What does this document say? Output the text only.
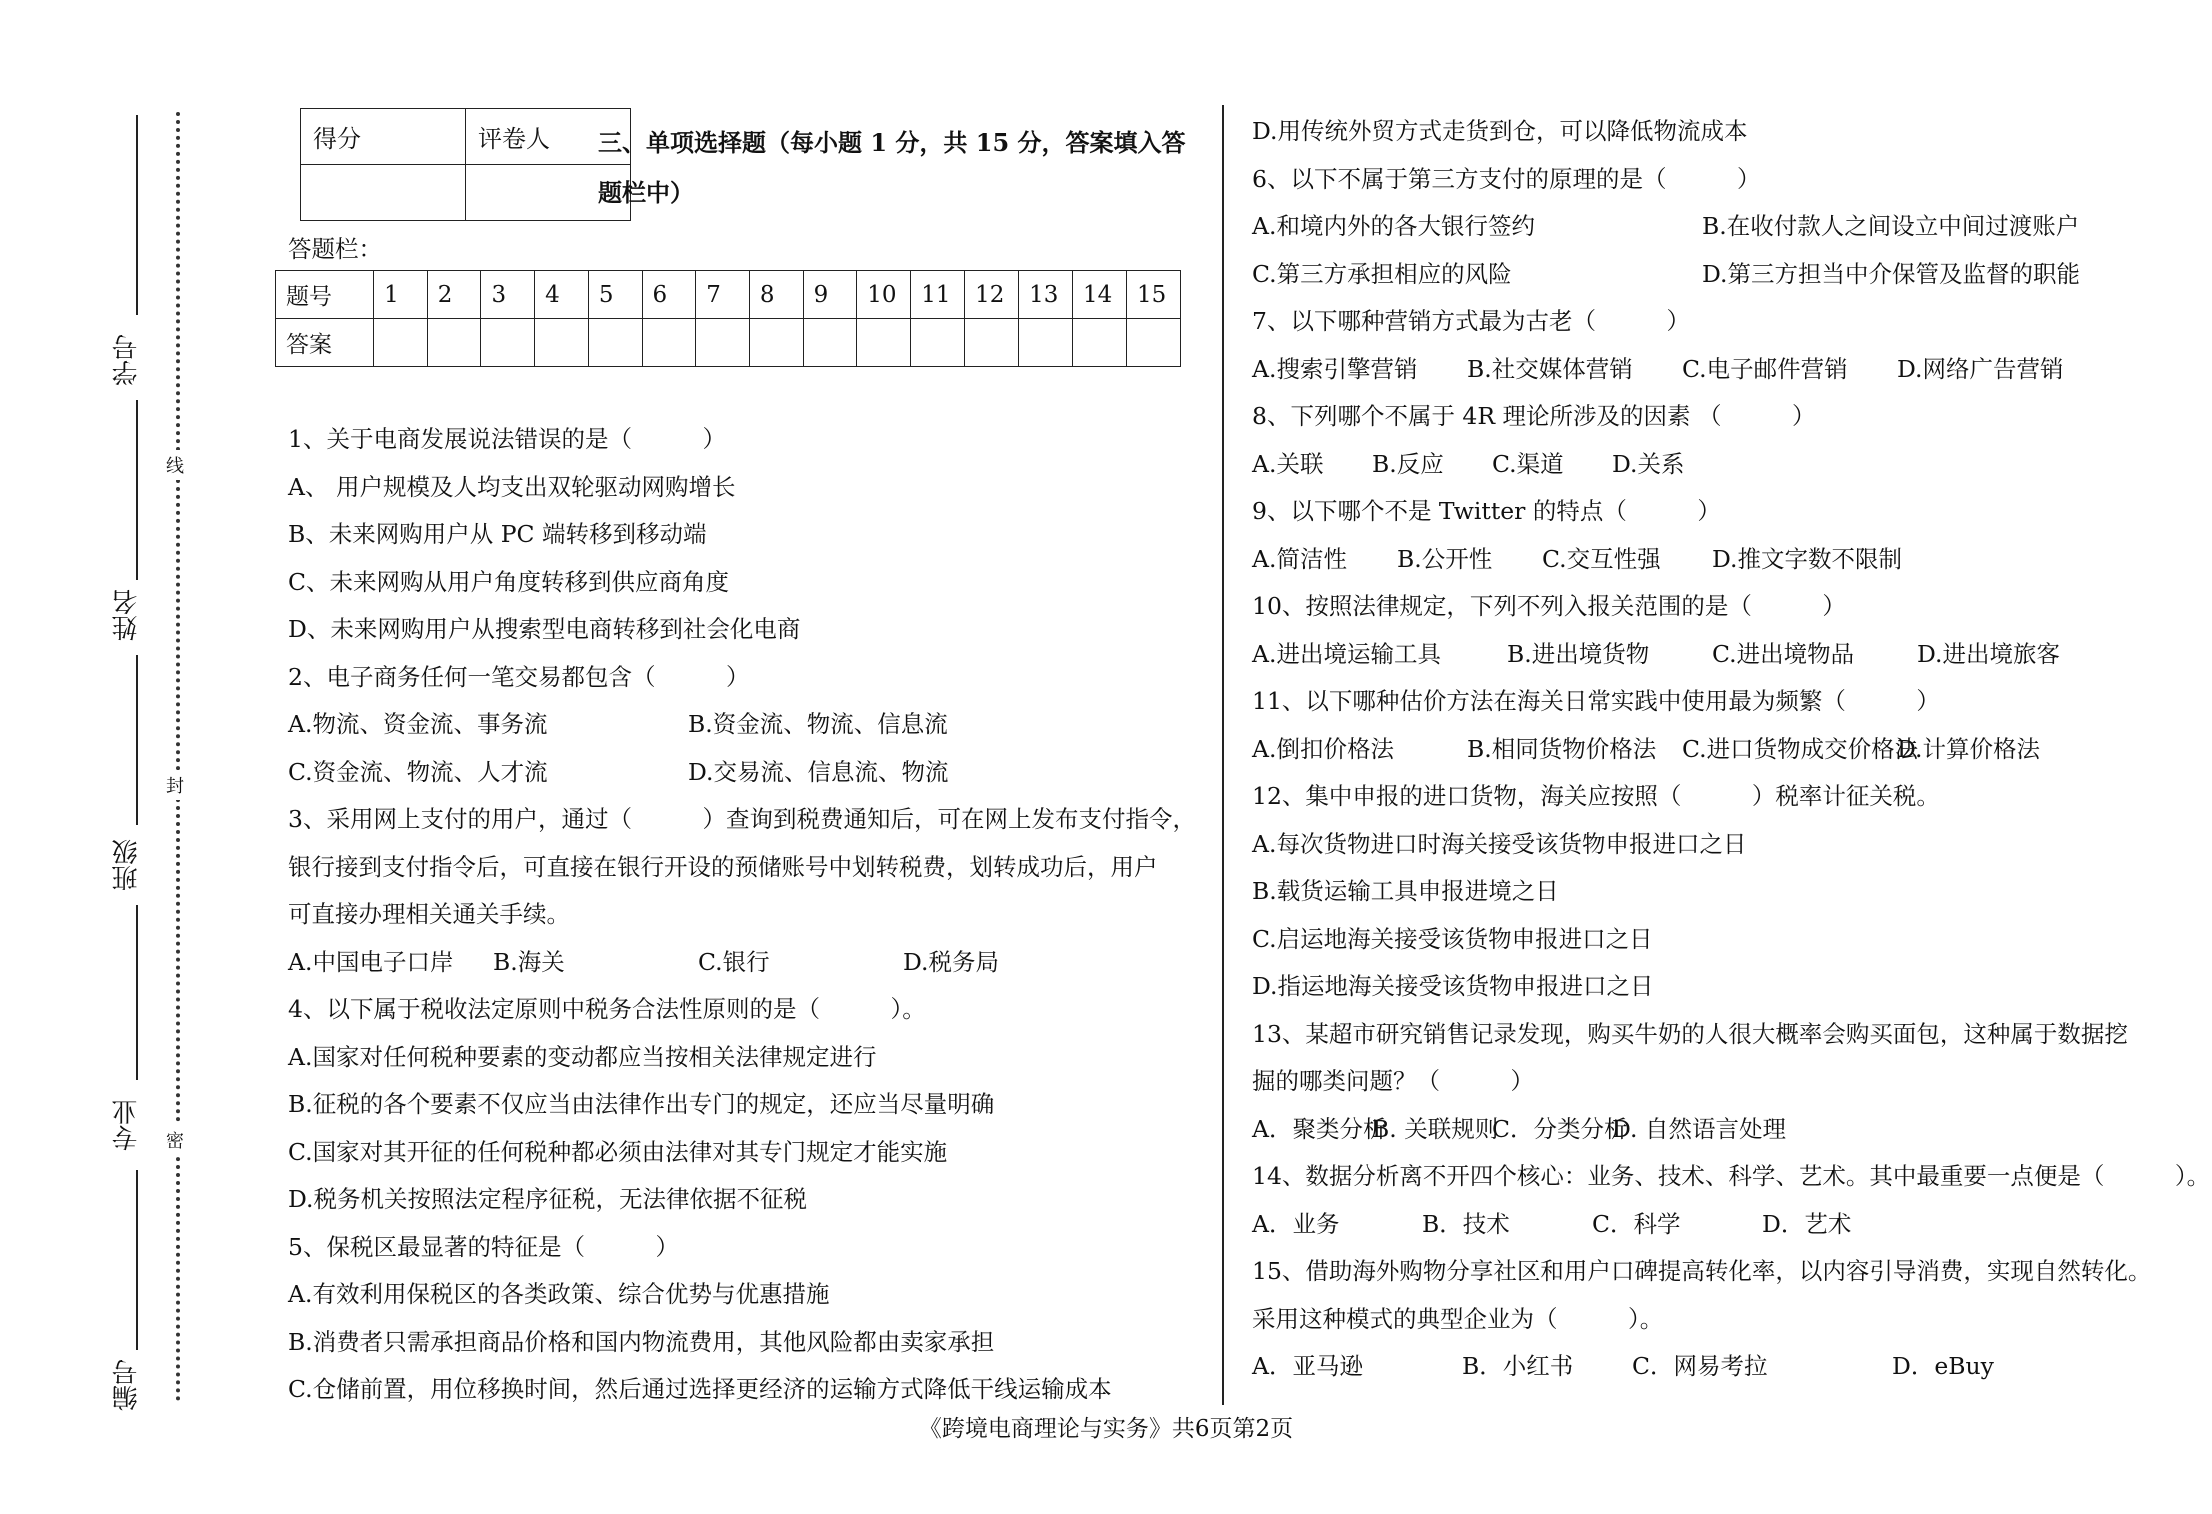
学号
姓名
班级
专业
编号
线
封
密
得分	评卷人
	三、单项选择题（每小题 1 分，共 15 分，答案填入答
题栏中）
答题栏：
题号	1	2	3	4	5	6	7	8	9	10	11	12	13	14	15
答案															
1、关于电商发展说法错误的是（　　　）
A、 用户规模及人均支出双轮驱动网购增长
B、未来网购用户从 PC 端转移到移动端
C、未来网购从用户角度转移到供应商角度
D、未来网购用户从搜索型电商转移到社会化电商
2、电子商务任何一笔交易都包含（　　　）
A.物流、资金流、事务流	B.资金流、物流、信息流
C.资金流、物流、人才流	D.交易流、信息流、物流
3、采用网上支付的用户，通过（　　　）查询到税费通知后，可在网上发布支付指令，
银行接到支付指令后，可直接在银行开设的预储账号中划转税费，划转成功后，用户
可直接办理相关通关手续。
A.中国电子口岸 B.海关	C.银行	D.税务局
4、以下属于税收法定原则中税务合法性原则的是（　　　）。
A.国家对任何税种要素的变动都应当按相关法律规定进行
B.征税的各个要素不仅应当由法律作出专门的规定，还应当尽量明确
C.国家对其开征的任何税种都必须由法律对其专门规定才能实施
D.税务机关按照法定程序征税，无法律依据不征税
5、保税区最显著的特征是（　　　）
A.有效利用保税区的各类政策、综合优势与优惠措施
B.消费者只需承担商品价格和国内物流费用，其他风险都由卖家承担
C.仓储前置，用位移换时间，然后通过选择更经济的运输方式降低干线运输成本
D.用传统外贸方式走货到仓，可以降低物流成本
6、以下不属于第三方支付的原理的是（　　　）
A.和境内外的各大银行签约	B.在收付款人之间设立中间过渡账户
C.第三方承担相应的风险	D.第三方担当中介保管及监督的职能
7、以下哪种营销方式最为古老（　　　）
A.搜索引擎营销 B.社交媒体营销 C.电子邮件营销 D.网络广告营销
8、下列哪个不属于 4R 理论所涉及的因素 （　　　）
A.关联 B.反应 C.渠道 D.关系
9、以下哪个不是 Twitter 的特点（　　　）
A.简洁性 B.公开性 C.交互性强 D.推文字数不限制
10、按照法律规定，下列不列入报关范围的是（　　　）
A.进出境运输工具	B.进出境货物	C.进出境物品	D.进出境旅客
11、以下哪种估价方法在海关日常实践中使用最为频繁（　　　）
A.倒扣价格法	B.相同货物价格法 C.进口货物成交价格法
D.计算价格法
12、集中申报的进口货物，海关应按照（　　　）税率计征关税。
A.每次货物进口时海关接受该货物申报进口之日
B.载货运输工具申报进境之日
C.启运地海关接受该货物申报进口之日
D.指运地海关接受该货物申报进口之日
13、某超市研究销售记录发现，购买牛奶的人很大概率会购买面包，这种属于数据挖
掘的哪类问题？（　　　）
A．聚类分析
B. 关联规则
C．分类分析
D. 自然语言处理
14、数据分析离不开四个核心：业务、技术、科学、艺术。其中最重要一点便是（　　　）。
A．业务	B．技术	C．科学	D．艺术
15、借助海外购物分享社区和用户口碑提高转化率，以内容引导消费，实现自然转化。
采用这种模式的典型企业为（　　　）。
A．亚马逊	B．小红书 C．网易考拉	D．eBuy
《跨境电商理论与实务》共6页第2页
